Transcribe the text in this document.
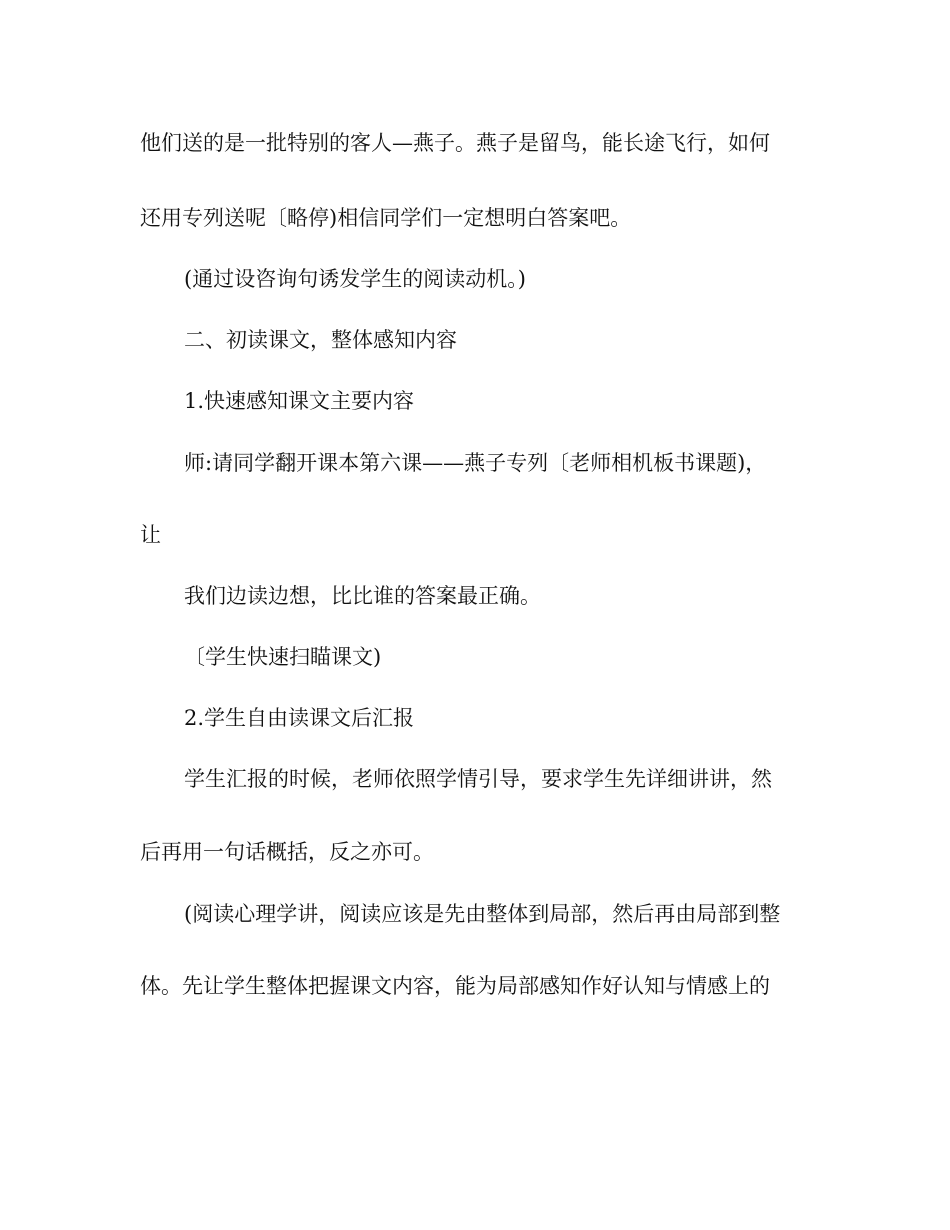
他们送的是一批特别的客人—燕子。燕子是留鸟，能长途飞行，如何
还用专列送呢〔略停)相信同学们一定想明白答案吧。
(通过设咨询句诱发学生的阅读动机。)
二、初读课文，整体感知内容
1.快速感知课文主要内容
师:请同学翻开课本第六课——燕子专列〔老师相机板书课题)，
让
我们边读边想，比比谁的答案最正确。
〔学生快速扫瞄课文)
2.学生自由读课文后汇报
学生汇报的时候，老师依照学情引导，要求学生先详细讲讲，然
后再用一句话概括，反之亦可。
(阅读心理学讲，阅读应该是先由整体到局部，然后再由局部到整
体。先让学生整体把握课文内容，能为局部感知作好认知与情感上的
